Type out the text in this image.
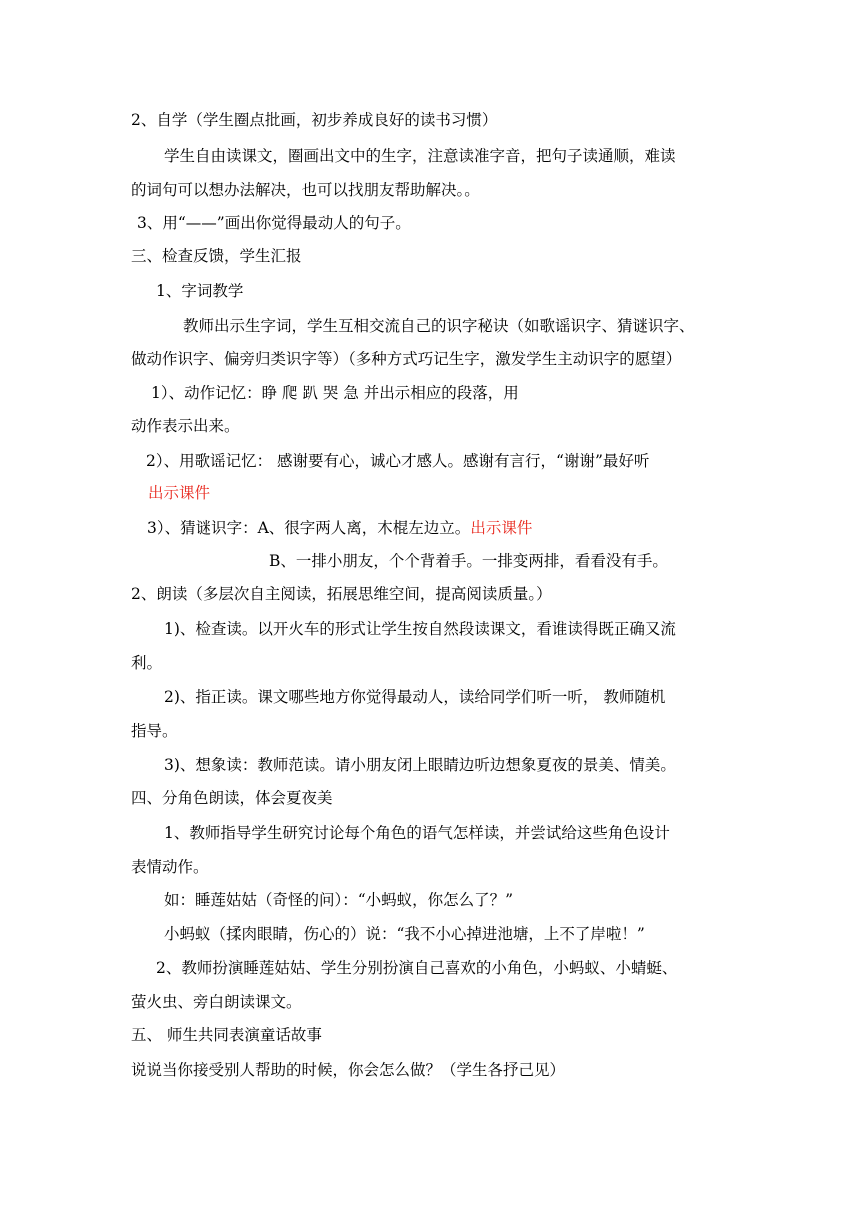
2、自学（学生圈点批画，初步养成良好的读书习惯）
学生自由读课文，圈画出文中的生字，注意读准字音，把句子读通顺，难读
的词句可以想办法解决，也可以找朋友帮助解决。。
3、用“——”画出你觉得最动人的句子。
三、检查反馈，学生汇报
1、字词教学
教师出示生字词，学生互相交流自己的识字秘诀（如歌谣识字、猜谜识字、
做动作识字、偏旁归类识字等）（多种方式巧记生字，激发学生主动识字的愿望）
1）、动作记忆：睁 爬 趴 哭 急 并出示相应的段落，用
动作表示出来。
2）、用歌谣记忆： 感谢要有心，诚心才感人。感谢有言行，“谢谢”最好听
出示课件
3）、猜谜识字：A、很字两人离，木棍左边立。出示课件
B、一排小朋友，个个背着手。一排变两排，看看没有手。
2、朗读（多层次自主阅读，拓展思维空间，提高阅读质量。）
1)、检查读。以开火车的形式让学生按自然段读课文，看谁读得既正确又流
利。
2)、指正读。课文哪些地方你觉得最动人，读给同学们听一听， 教师随机
指导。
3)、想象读：教师范读。请小朋友闭上眼睛边听边想象夏夜的景美、情美。
四、分角色朗读，体会夏夜美
1、教师指导学生研究讨论每个角色的语气怎样读，并尝试给这些角色设计
表情动作。
如：睡莲姑姑（奇怪的问）：“小蚂蚁，你怎么了？”
小蚂蚁（揉肉眼睛，伤心的）说：“我不小心掉进池塘，上不了岸啦！”
2、教师扮演睡莲姑姑、学生分别扮演自己喜欢的小角色，小蚂蚁、小蜻蜓、
萤火虫、旁白朗读课文。
五、 师生共同表演童话故事
说说当你接受别人帮助的时候，你会怎么做？（学生各抒己见）
